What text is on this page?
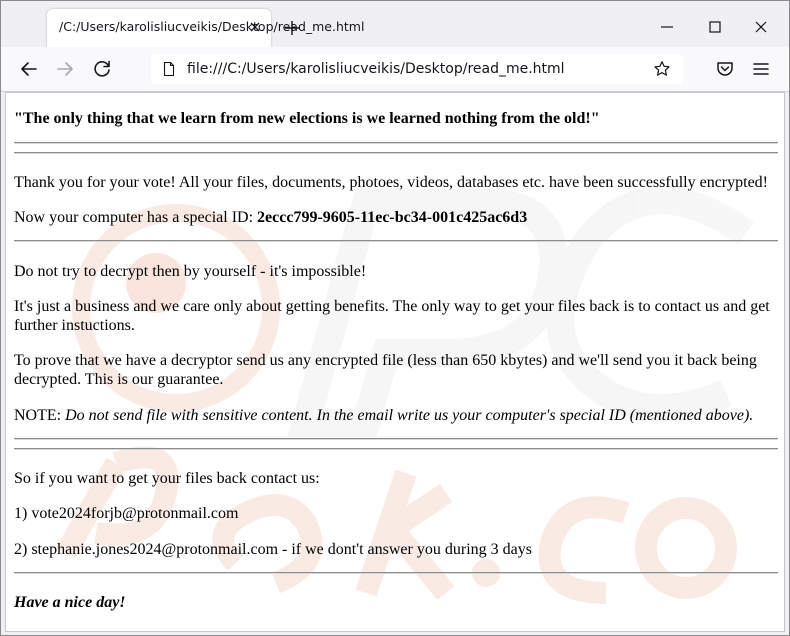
/C:/Users/karolisliucveikis/Desktop/read_me.html
file:///C:/Users/karolisliucveikis/Desktop/read_me.html

"The only thing that we learn from new elections is we learned nothing from the old!"

Thank you for your vote! All your files, documents, photoes, videos, databases etc. have been successfully encrypted!

Now your computer has a special ID: 2eccc799-9605-11ec-bc34-001c425ac6d3

Do not try to decrypt then by yourself - it's impossible!

It's just a business and we care only about getting benefits. The only way to get your files back is to contact us and get further instuctions.

To prove that we have a decryptor send us any encrypted file (less than 650 kbytes) and we'll send you it back being decrypted. This is our guarantee.

NOTE: Do not send file with sensitive content. In the email write us your computer's special ID (mentioned above).

So if you want to get your files back contact us:

1) vote2024forjb@protonmail.com

2) stephanie.jones2024@protonmail.com - if we dont't answer you during 3 days

Have a nice day!
